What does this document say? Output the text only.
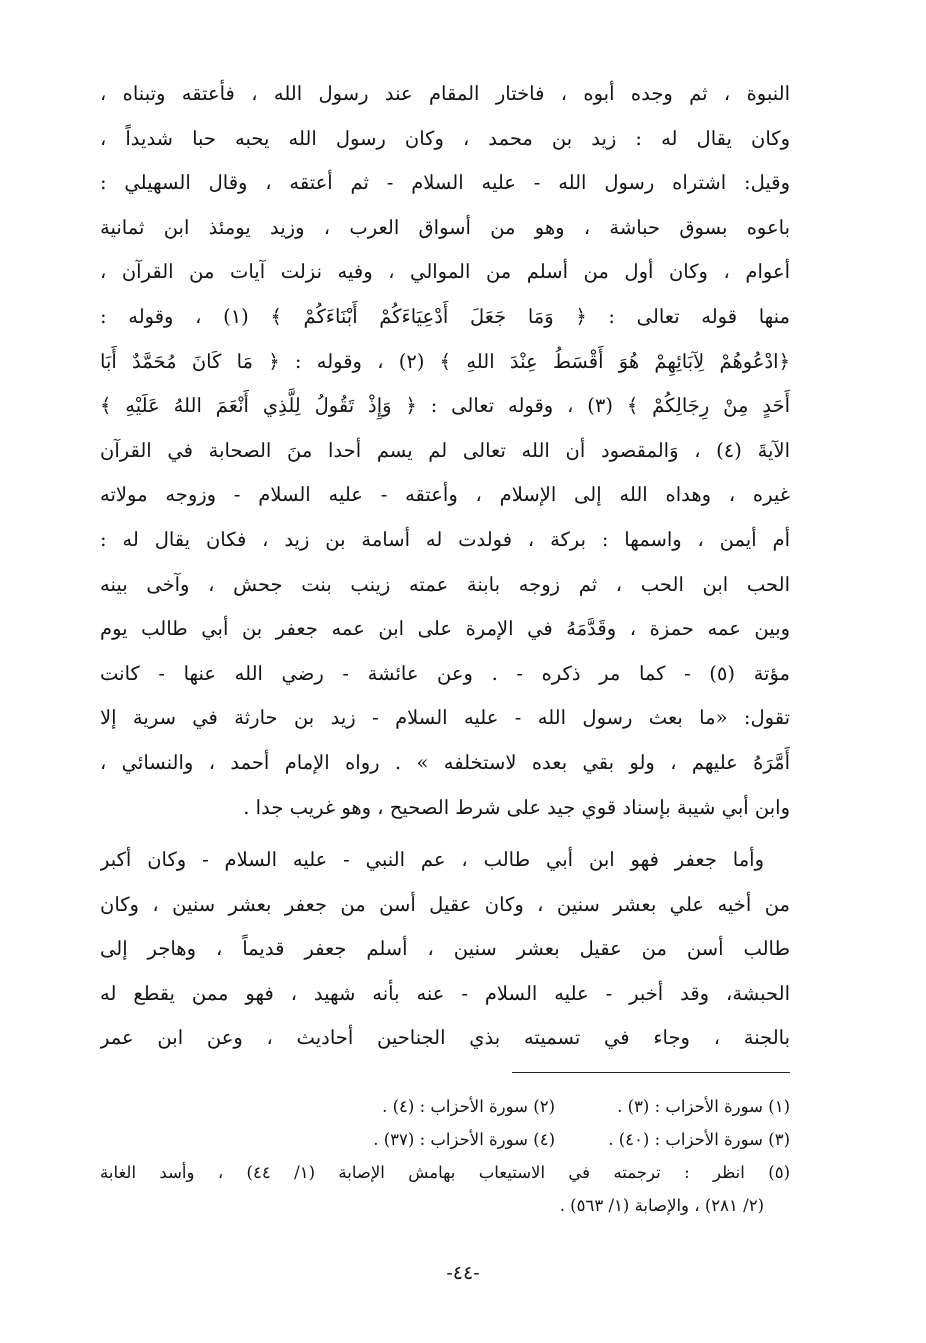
النبوة ، ثم وجده أبوه ، فاختار المقام عند رسول الله ، فأعتقه وتبناه ،
وكان يقال له : زيد بن محمد ، وكان رسول الله يحبه حبا شديداً ،
وقيل: اشتراه رسول الله - عليه السلام - ثم أعتقه ، وقال السهيلي :
باعوه بسوق حباشة ، وهو من أسواق العرب ، وزيد يومئذ ابن ثمانية
أعوام ، وكان أول من أسلم من الموالي ، وفيه نزلت آيات من القرآن ،
منها قوله تعالى : ﴿ وَمَا جَعَلَ أَدْعِيَاءَكُمْ أَبْنَاءَكُمْ ﴾ (١) ، وقوله :
﴿ادْعُوهُمْ لِآبَائِهِمْ هُوَ أَقْسَطُ عِنْدَ اللهِ ﴾ (٢) ، وقوله : ﴿ مَا كَانَ مُحَمَّدٌ أَبَا
أَحَدٍ مِنْ رِجَالِكُمْ ﴾ (٣) ، وقوله تعالى : ﴿ وَإِذْ تَقُولُ لِلَّذِي أَنْعَمَ اللهُ عَلَيْهِ ﴾
الآيةَ (٤) ، وَالمقصود أن الله تعالى لم يسم أحدا منَ الصحابة في القرآن
غيره ، وهداه الله إلى الإسلام ، وأعتقه - عليه السلام - وزوجه مولاته
أم أيمن ، واسمها : بركة ، فولدت له أسامة بن زيد ، فكان يقال له :
الحب ابن الحب ، ثم زوجه بابنة عمته زينب بنت جحش ، وآخى بينه
وبين عمه حمزة ، وقَدَّمَهُ في الإمرة على ابن عمه جعفر بن أبي طالب يوم
مؤتة (٥) - كما مر ذكره - . وعن عائشة - رضي الله عنها - كانت
تقول: «ما بعث رسول الله - عليه السلام - زيد بن حارثة في سرية إلا
أَمَّرَهُ عليهم ، ولو بقي بعده لاستخلفه » . رواه الإمام أحمد ، والنسائي ،
وابن أبي شيبة بإسناد قوي جيد على شرط الصحيح ، وهو غريب جدا .
وأما جعفر فهو ابن أبي طالب ، عم النبي - عليه السلام - وكان أكبر
من أخيه علي بعشر سنين ، وكان عقيل أسن من جعفر بعشر سنين ، وكان
طالب أسن من عقيل بعشر سنين ، أسلم جعفر قديماً ، وهاجر إلى
الحبشة، وقد أخبر - عليه السلام - عنه بأنه شهيد ، فهو ممن يقطع له
بالجنة ، وجاء في تسميته بذي الجناحين أحاديث ، وعن ابن عمر
(١) سورة الأحزاب : (٣) .
(٢) سورة الأحزاب : (٤) .
(٣) سورة الأحزاب : (٤٠) .
(٤) سورة الأحزاب : (٣٧) .
(٥) انظر : ترجمته في الاستيعاب بهامش الإصابة (١/ ٤٤) ، وأسد الغابة
(٢/ ٢٨١) ، والإصابة (١/ ٥٦٣) .
-٤٤-
